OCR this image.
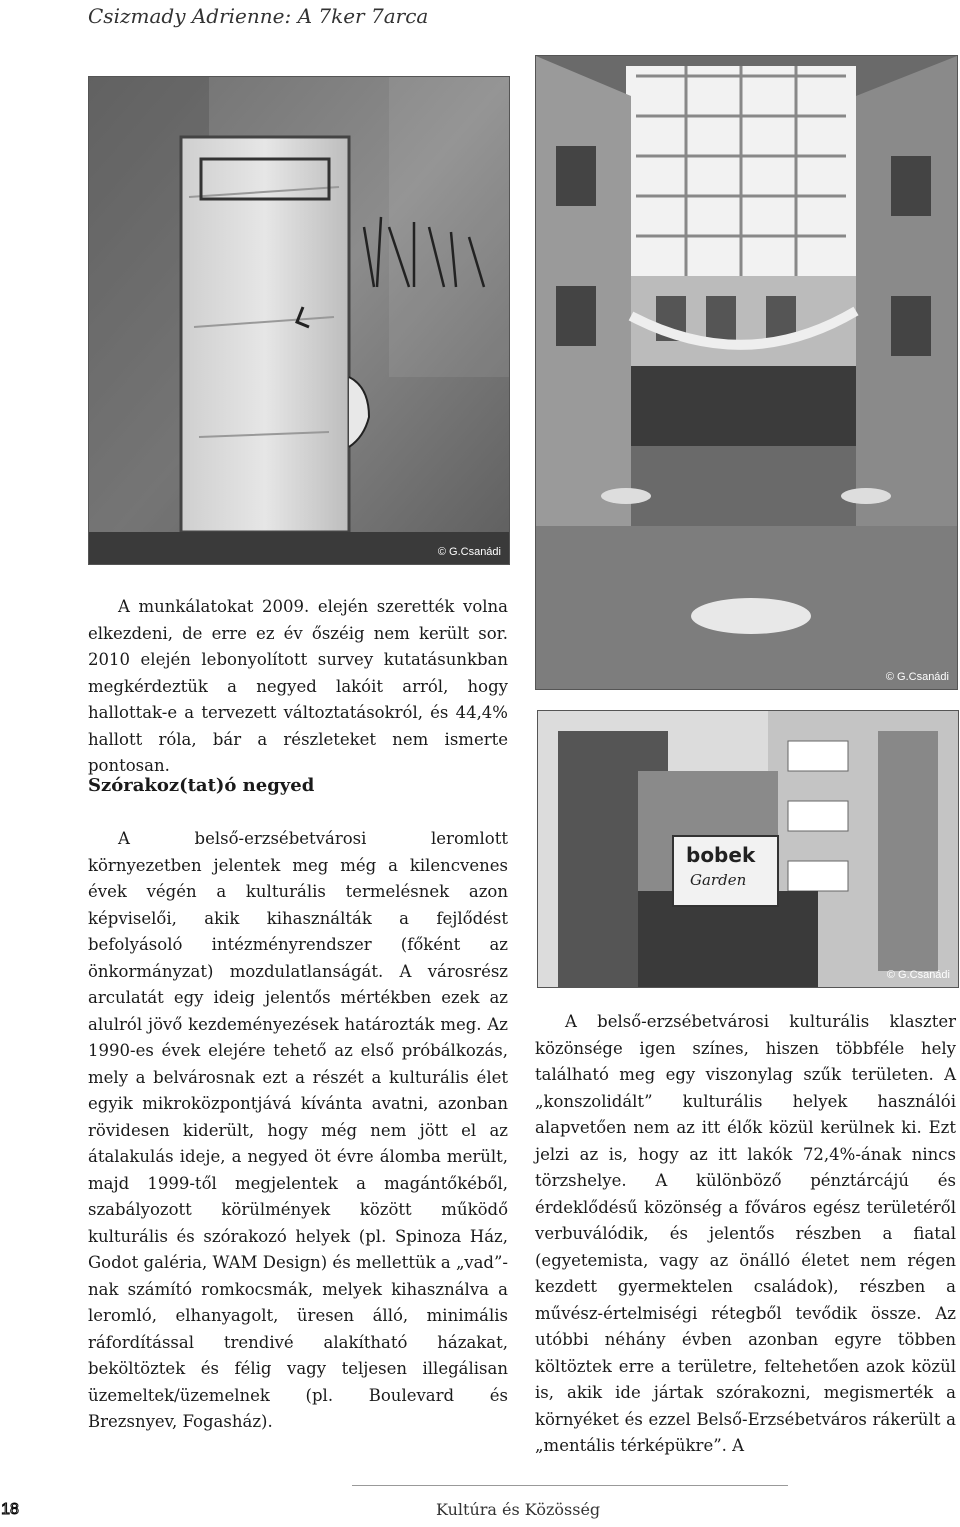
Csizmady Adrienne: A 7ker 7arca
© G.Csanádi
© G.Csanádi
bobek
Garden
© G.Csanádi

A munkálatokat 2009. elején szerették volna elkezdeni, de erre ez év őszéig nem került sor. 2010 elején lebonyolított survey kutatásunkban megkérdeztük a negyed lakóit arról, hogy hallottak-e a tervezett változtatásokról, és 44,4% hallott róla, bár a részleteket nem ismerte pontosan.

Szórakoz(tat)ó negyed

A belső-erzsébetvárosi leromlott környezetben jelentek meg még a kilencvenes évek végén a kulturális termelésnek azon képviselői, akik kihasználták a fejlődést befolyásoló intézményrendszer (főként az önkormányzat) mozdulatlanságát. A városrész arculatát egy ideig jelentős mértékben ezek az alulról jövő kezdeményezések határozták meg. Az 1990-es évek elejére tehető az első próbálkozás, mely a belvárosnak ezt a részét a kulturális élet egyik mikroközpontjává kívánta avatni, azonban rövidesen kiderült, hogy még nem jött el az átalakulás ideje, a negyed öt évre álomba merült, majd 1999-től megjelentek a magántőkéből, szabályozott körülmények között működő kulturális és szórakozó helyek (pl. Spinoza Ház, Godot galéria, WAM Design) és mellettük a „vad”-nak számító romkocsmák, melyek kihasználva a leromló, elhanyagolt, üresen álló, minimális ráfordítással trendivé alakítható házakat, beköltöztek és félig vagy teljesen illegálisan üzemeltek/üzemelnek (pl. Boulevard és Brezsnyev, Fogasház).

A belső-erzsébetvárosi kulturális klaszter közönsége igen színes, hiszen többféle hely található meg egy viszonylag szűk területen. A „konszolidált” kulturális helyek használói alapvetően nem az itt élők közül kerülnek ki. Ezt jelzi az is, hogy az itt lakók 72,4%-ának nincs törzshelye. A különböző pénztárcájú és érdeklődésű közönség a főváros egész területéről verbuválódik, és jelentős részben a fiatal (egyetemista, vagy az önálló életet nem régen kezdett gyermektelen családok), részben a művész-értelmiségi rétegből tevődik össze. Az utóbbi néhány évben azonban egyre többen költöztek erre a területre, feltehetően azok közül is, akik ide jártak szórakozni, megismerték a környéket és ezzel Belső-Erzsébetváros rákerült a „mentális térképükre”. A

18	Kultúra és Közösség
